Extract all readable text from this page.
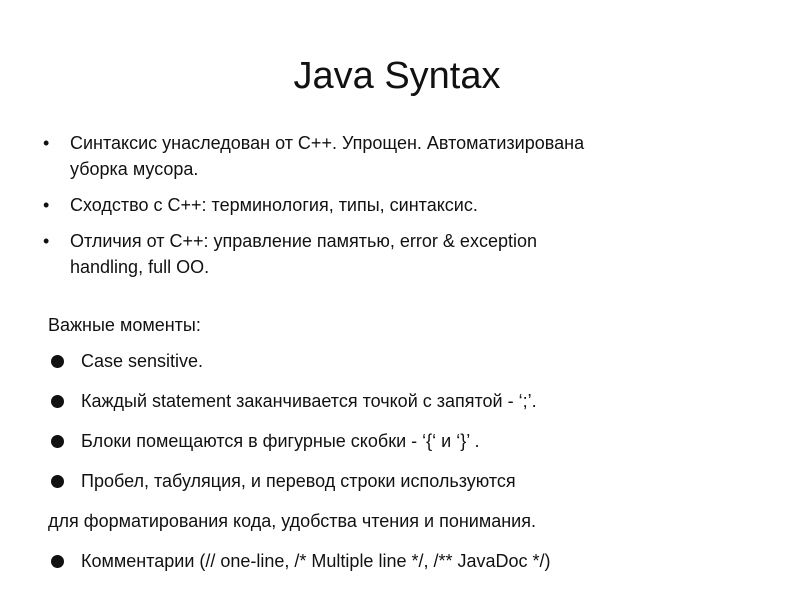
Java Syntax
• Синтаксис унаследован от С++. Упрощен. Автоматизирована
уборка мусора.
• Сходство с С++: терминология, типы, синтаксис.
• Отличия от С++: управление памятью, error & exception
handling, full OO.
Важные моменты:
Case sensitive.
Каждый statement заканчивается точкой с запятой - ‘;’.
Блоки помещаются в фигурные скобки - ‘{‘ и ‘}’ .
Пробел, табуляция, и перевод строки используются
для форматирования кода, удобства чтения и понимания.
Комментарии (// one-line, /* Multiple line */, /** JavaDoc */)
